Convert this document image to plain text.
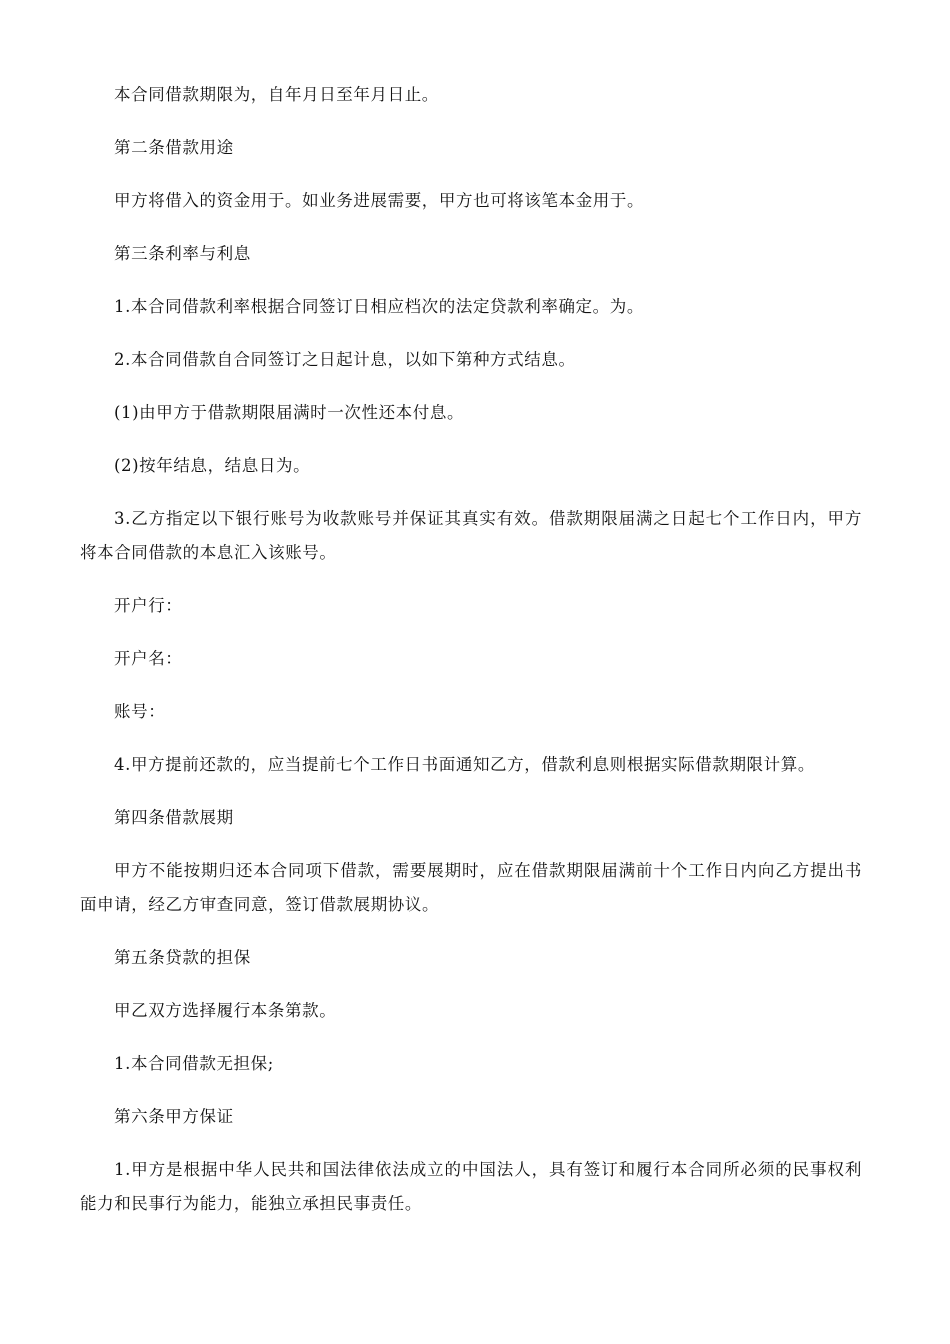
本合同借款期限为，自年月日至年月日止。

第二条借款用途

甲方将借入的资金用于。如业务进展需要，甲方也可将该笔本金用于。

第三条利率与利息

1.本合同借款利率根据合同签订日相应档次的法定贷款利率确定。为。

2.本合同借款自合同签订之日起计息，以如下第种方式结息。

(1)由甲方于借款期限届满时一次性还本付息。

(2)按年结息，结息日为。

3.乙方指定以下银行账号为收款账号并保证其真实有效。借款期限届满之日起七个工作日内，甲方将本合同借款的本息汇入该账号。

开户行：

开户名：

账号：

4.甲方提前还款的，应当提前七个工作日书面通知乙方，借款利息则根据实际借款期限计算。

第四条借款展期

甲方不能按期归还本合同项下借款，需要展期时，应在借款期限届满前十个工作日内向乙方提出书面申请，经乙方审查同意，签订借款展期协议。

第五条贷款的担保

甲乙双方选择履行本条第款。

1.本合同借款无担保;

第六条甲方保证

1.甲方是根据中华人民共和国法律依法成立的中国法人，具有签订和履行本合同所必须的民事权利能力和民事行为能力，能独立承担民事责任。
